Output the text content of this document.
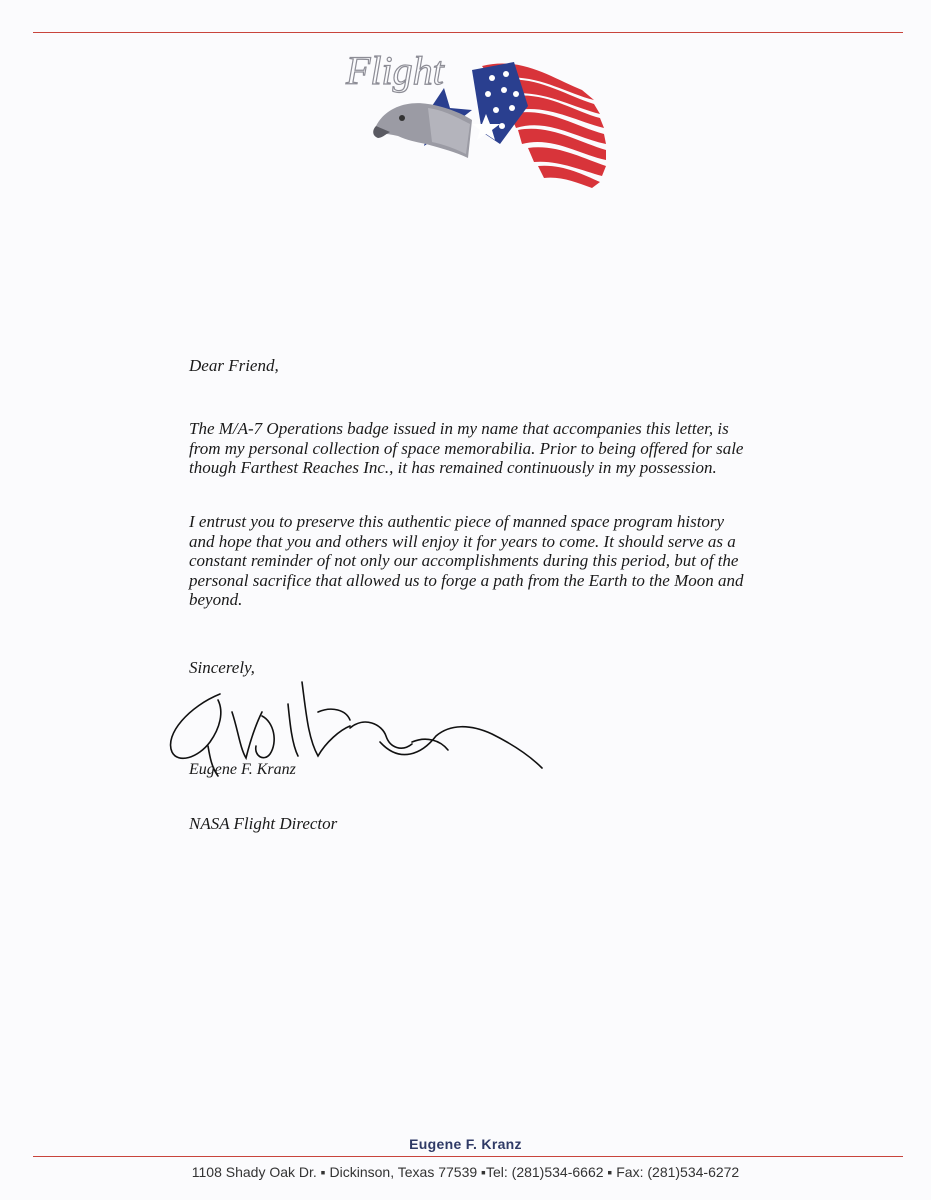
Flight
Dear Friend,
The M/A-7 Operations badge issued in my name that accompanies this letter, is from my personal collection of space memorabilia. Prior to being offered for sale though Farthest Reaches Inc., it has remained continuously in my possession.
I entrust you to preserve this authentic piece of manned space program history and hope that you and others will enjoy it for years to come. It should serve as a constant reminder of not only our accomplishments during this period, but of the personal sacrifice that allowed us to forge a path from the Earth to the Moon and beyond.
Sincerely,
Eugene F. Kranz
NASA Flight Director
Eugene F. Kranz
1108 Shady Oak Dr. ▪ Dickinson, Texas 77539 ▪Tel: (281)534-6662 ▪ Fax: (281)534-6272
